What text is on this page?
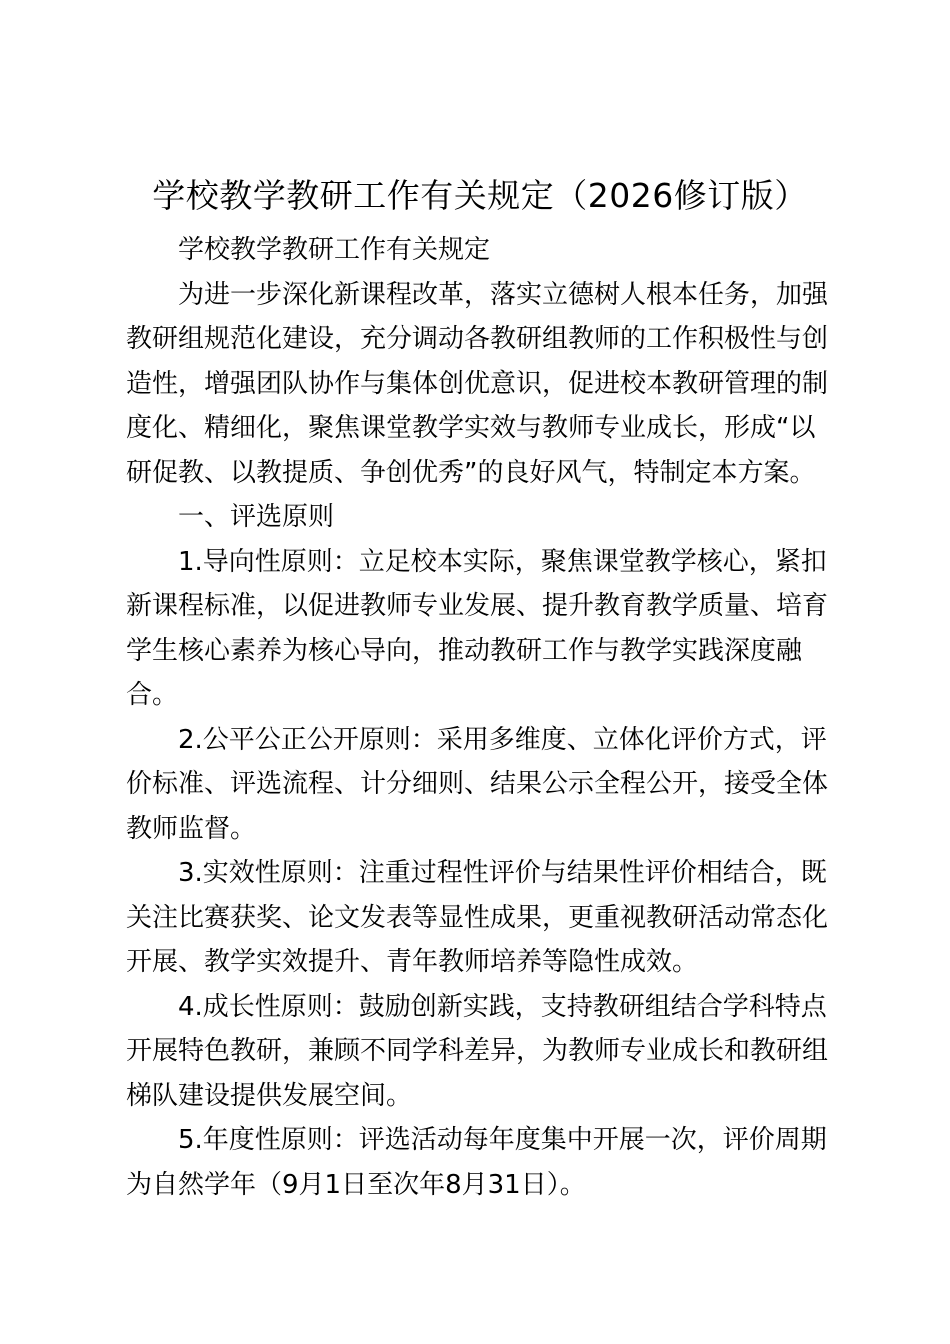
学校教学教研工作有关规定（2026修订版）

学校教学教研工作有关规定

为进一步深化新课程改革，落实立德树人根本任务，加强教研组规范化建设，充分调动各教研组教师的工作积极性与创造性，增强团队协作与集体创优意识，促进校本教研管理的制度化、精细化，聚焦课堂教学实效与教师专业成长，形成“以研促教、以教提质、争创优秀”的良好风气，特制定本方案。

一、评选原则

1.导向性原则：立足校本实际，聚焦课堂教学核心，紧扣新课程标准，以促进教师专业发展、提升教育教学质量、培育学生核心素养为核心导向，推动教研工作与教学实践深度融合。

2.公平公正公开原则：采用多维度、立体化评价方式，评价标准、评选流程、计分细则、结果公示全程公开，接受全体教师监督。

3.实效性原则：注重过程性评价与结果性评价相结合，既关注比赛获奖、论文发表等显性成果，更重视教研活动常态化开展、教学实效提升、青年教师培养等隐性成效。

4.成长性原则：鼓励创新实践，支持教研组结合学科特点开展特色教研，兼顾不同学科差异，为教师专业成长和教研组梯队建设提供发展空间。

5.年度性原则：评选活动每年度集中开展一次，评价周期为自然学年（9月1日至次年8月31日）。
